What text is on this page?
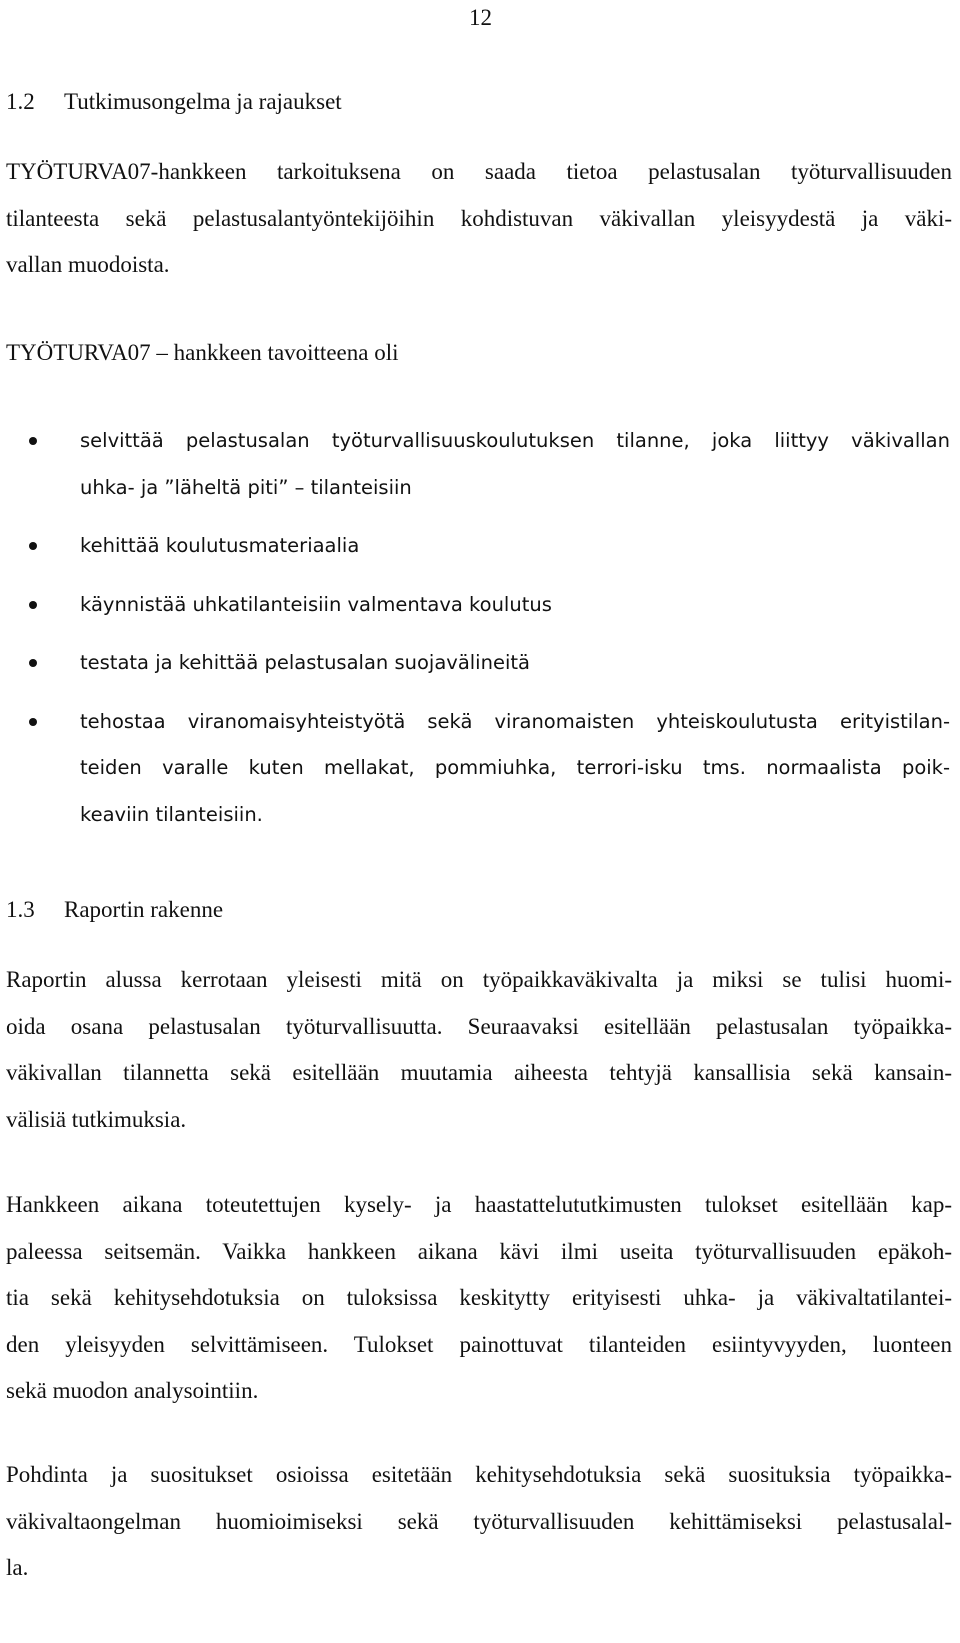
12
1.2 Tutkimusongelma ja rajaukset
TYÖTURVA07-hankkeen tarkoituksena on saada tietoa pelastusalan työturvallisuuden
tilanteesta sekä pelastusalantyöntekijöihin kohdistuvan väkivallan yleisyydestä ja väki-
vallan muodoista.
TYÖTURVA07 – hankkeen tavoitteena oli
selvittää pelastusalan työturvallisuuskoulutuksen tilanne, joka liittyy väkivallan
uhka- ja ”läheltä piti” – tilanteisiin
kehittää koulutusmateriaalia
käynnistää uhkatilanteisiin valmentava koulutus
testata ja kehittää pelastusalan suojavälineitä
tehostaa viranomaisyhteistyötä sekä viranomaisten yhteiskoulutusta erityistilan-
teiden varalle kuten mellakat, pommiuhka, terrori-isku tms. normaalista poik-
keaviin tilanteisiin.
1.3 Raportin rakenne
Raportin alussa kerrotaan yleisesti mitä on työpaikkaväkivalta ja miksi se tulisi huomi-
oida osana pelastusalan työturvallisuutta. Seuraavaksi esitellään pelastusalan työpaikka-
väkivallan tilannetta sekä esitellään muutamia aiheesta tehtyjä kansallisia sekä kansain-
välisiä tutkimuksia.
Hankkeen aikana toteutettujen kysely- ja haastattelututkimusten tulokset esitellään kap-
paleessa seitsemän. Vaikka hankkeen aikana kävi ilmi useita työturvallisuuden epäkoh-
tia sekä kehitysehdotuksia on tuloksissa keskitytty erityisesti uhka- ja väkivaltatilantei-
den yleisyyden selvittämiseen. Tulokset painottuvat tilanteiden esiintyvyyden, luonteen
sekä muodon analysointiin.
Pohdinta ja suositukset osioissa esitetään kehitysehdotuksia sekä suosituksia työpaikka-
väkivaltaongelman huomioimiseksi sekä työturvallisuuden kehittämiseksi pelastusalal-
la.
